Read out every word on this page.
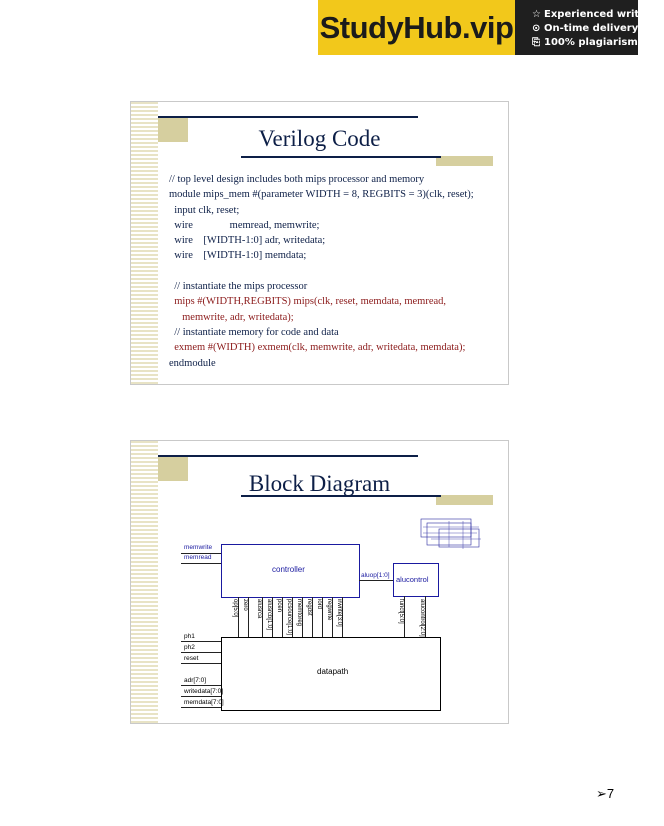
StudyHub.vip ☆ Experienced writers
⊙ On-time delivery
⎘ 100% plagiarism free
Verilog Code
// top level design includes both mips processor and memory
module mips_mem #(parameter WIDTH = 8, REGBITS = 3)(clk, reset);
input clk, reset;
wire              memread, memwrite;
wire    [WIDTH-1:0] adr, writedata;
wire    [WIDTH-1:0] memdata;

// instantiate the mips processor
mips #(WIDTH,REGBITS) mips(clk, reset, memdata, memread,
memwrite, adr, writedata);
// instantiate memory for code and data
exmem #(WIDTH) exmem(clk, memwrite, adr, writedata, memdata);
endmodule
Block Diagram
controller
alucontrol
aluop[1:0]
datapath
memwrite
memread
ph1
ph2
reset
adr[7:0]
writedata[7:0]
memdata[7:0]
op[5:0] zero alusrca alusrcb[1:0] pcen pcsource[1:0] memtoreg regdst iord regwrite irwrite[3:0]	funct[5:0]	alucontrol[2:0]
➢7
